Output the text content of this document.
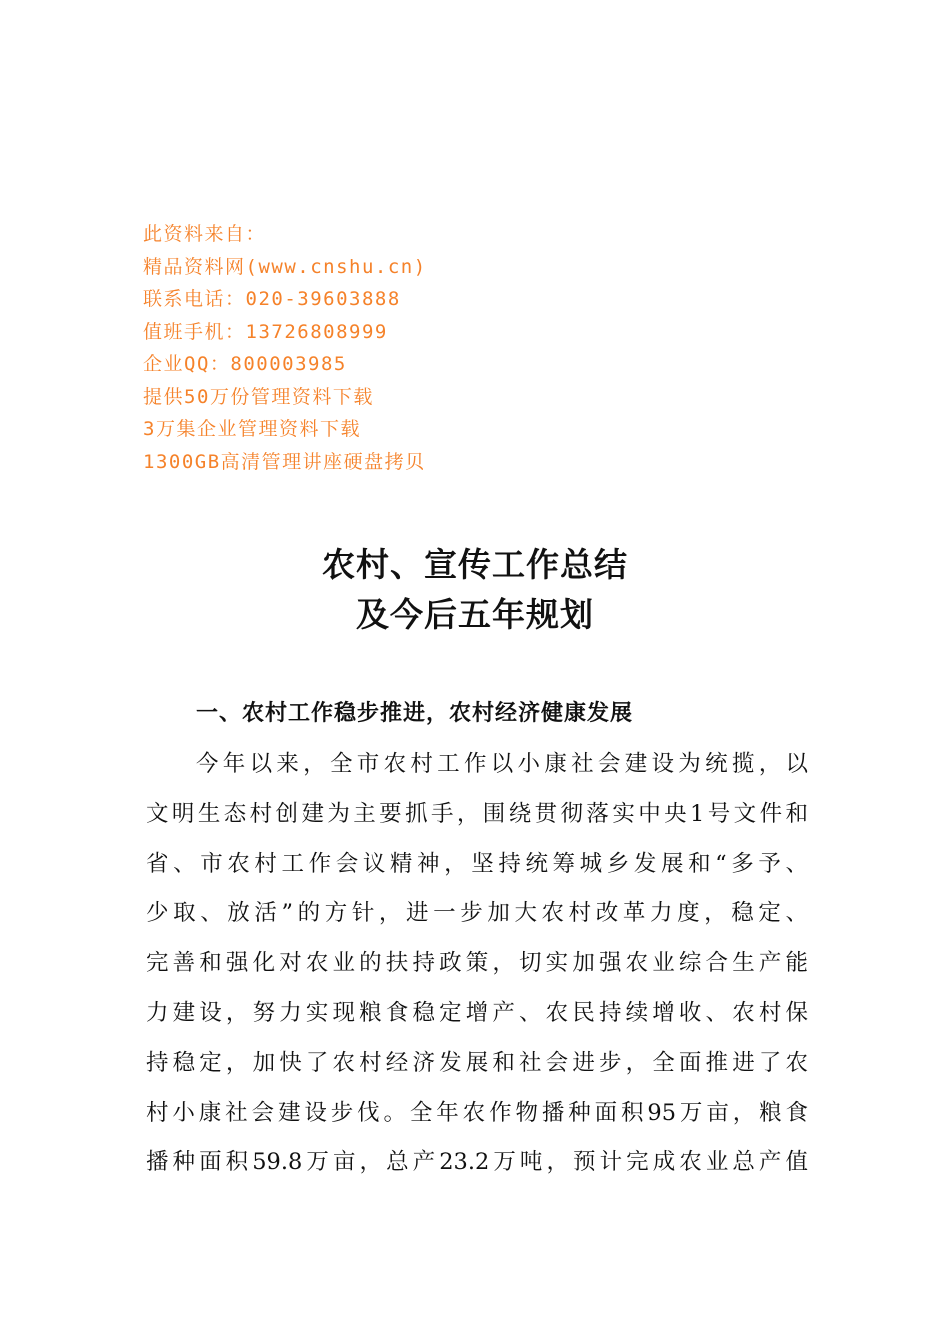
此资料来自：
精品资料网(www.cnshu.cn)
联系电话：020-39603888
值班手机：13726808999
企业QQ：800003985
提供50万份管理资料下载
3万集企业管理资料下载
1300GB高清管理讲座硬盘拷贝
农村、宣传工作总结
及今后五年规划
一、农村工作稳步推进，农村经济健康发展
今年以来，全市农村工作以小康社会建设为统揽，以
文明生态村创建为主要抓手，围绕贯彻落实中央1号文件和
省、市农村工作会议精神，坚持统筹城乡发展和“多予、
少取、放活”的方针，进一步加大农村改革力度，稳定、
完善和强化对农业的扶持政策，切实加强农业综合生产能
力建设，努力实现粮食稳定增产、农民持续增收、农村保
持稳定，加快了农村经济发展和社会进步，全面推进了农
村小康社会建设步伐。全年农作物播种面积95万亩，粮食
播种面积59.8万亩，总产23.2万吨，预计完成农业总产值
